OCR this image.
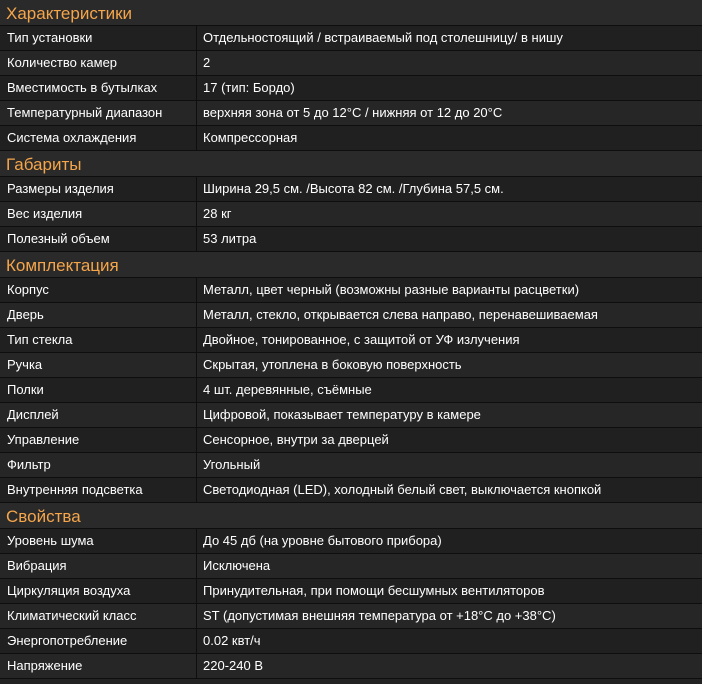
Характеристики
Тип установки	Отдельностоящий / встраиваемый под столешницу/ в нишу
Количество камер	2
Вместимость в бутылках	17 (тип: Бордо)
Температурный диапазон	верхняя зона от 5 до 12°С / нижняя от 12 до 20°С
Система охлаждения	Компрессорная
Габариты
Размеры изделия	Ширина 29,5 см. /Высота 82 см. /Глубина 57,5 см.
Вес изделия	28 кг
Полезный объем	53 литра
Комплектация
Корпус	Металл, цвет черный (возможны разные варианты расцветки)
Дверь	Металл, стекло, открывается слева направо, перенавешиваемая
Тип стекла	Двойное, тонированное, с защитой от УФ излучения
Ручка	Скрытая, утоплена в боковую поверхность
Полки	4 шт. деревянные, съёмные
Дисплей	Цифровой, показывает температуру в камере
Управление	Сенсорное, внутри за дверцей
Фильтр	Угольный
Внутренняя подсветка	Светодиодная (LED), холодный белый свет, выключается кнопкой
Свойства
Уровень шума	До 45 дб (на уровне бытового прибора)
Вибрация	Исключена
Циркуляция воздуха	Принудительная, при помощи бесшумных вентиляторов
Климатический класс	ST (допустимая внешняя температура от +18°С до +38°С)
Энергопотребление	0.02 квт/ч
Напряжение	220-240 В
